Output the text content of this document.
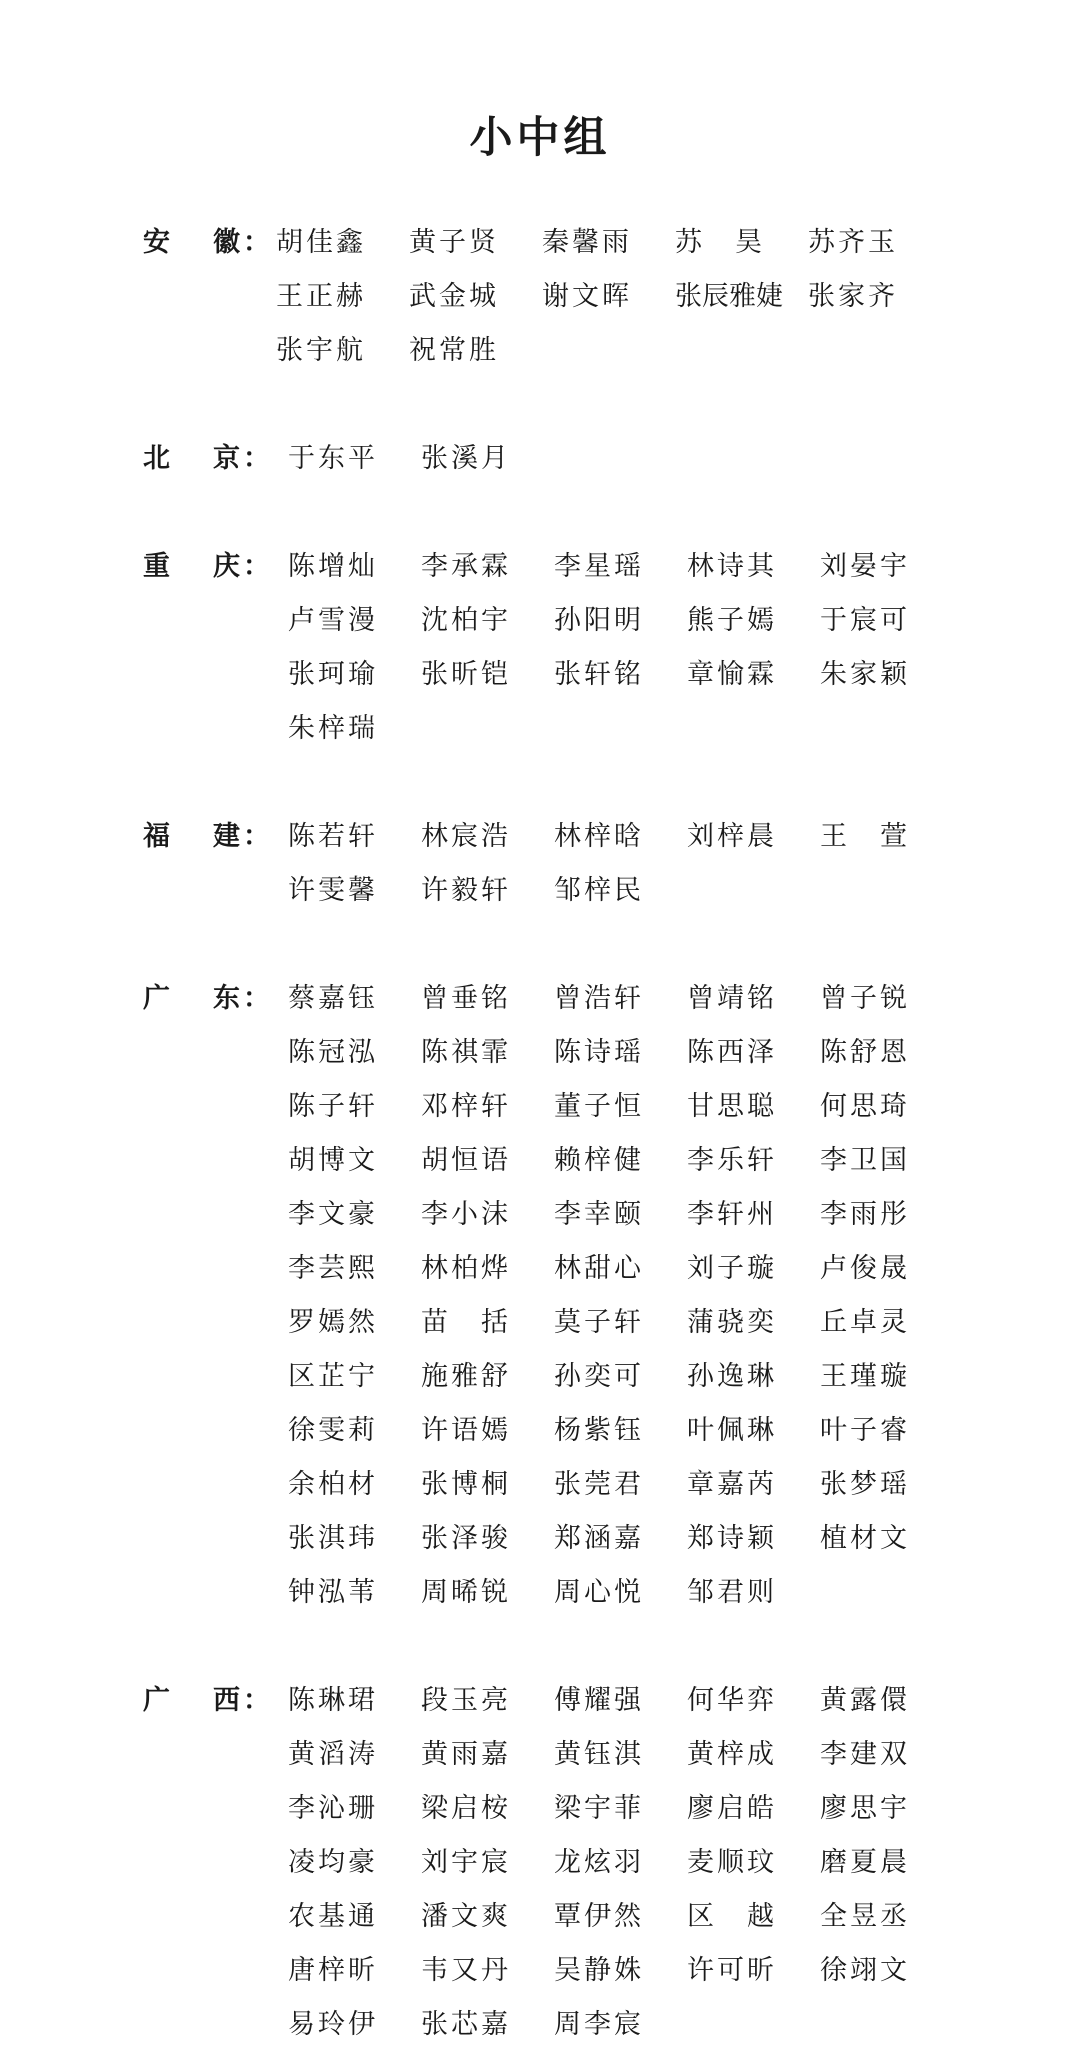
小中组
安 徽 ： 胡佳鑫	黄子贤	秦馨雨	苏　昊	苏齐玉
王正赫	武金城	谢文晖	张辰雅婕 张家齐
张宇航	祝常胜
北 京 ： 于东平	张溪月
重 庆 ： 陈增灿	李承霖	李星瑶	林诗其	刘晏宇
卢雪漫	沈柏宇	孙阳明	熊子嫣	于宸可
张珂瑜	张昕铠	张轩铭	章愉霖	朱家颖
朱梓瑞
福 建 ： 陈若轩	林宸浩	林梓晗	刘梓晨	王　萱
许雯馨	许毅轩	邹梓民
广 东 ： 蔡嘉钰	曾垂铭	曾浩轩	曾靖铭	曾子锐
陈冠泓	陈祺霏	陈诗瑶	陈西泽	陈舒恩
陈子轩	邓梓轩	董子恒	甘思聪	何思琦
胡博文	胡恒语	赖梓健	李乐轩	李卫国
李文豪	李小沫	李幸颐	李轩州	李雨彤
李芸熙	林柏烨	林甜心	刘子璇	卢俊晟
罗嫣然	苗　括	莫子轩	蒲骁奕	丘卓灵
区芷宁	施雅舒	孙奕可	孙逸琳	王瑾璇
徐雯莉	许语嫣	杨紫钰	叶佩琳	叶子睿
余柏材	张博桐	张莞君	章嘉芮	张梦瑶
张淇玮	张泽骏	郑涵嘉	郑诗颖	植材文
钟泓苇	周晞锐	周心悦	邹君则
广 西 ： 陈琳珺	段玉亮	傅耀强	何华弈	黄露儇
黄滔涛	黄雨嘉	黄钰淇	黄梓成	李建双
李沁珊	梁启桉	梁宇菲	廖启皓	廖思宇
凌均豪	刘宇宸	龙炫羽	麦顺玟	磨夏晨
农基通	潘文爽	覃伊然	区　越	全昱丞
唐梓昕	韦又丹	吴静姝	许可昕	徐翊文
易玲伊	张芯嘉	周李宸
